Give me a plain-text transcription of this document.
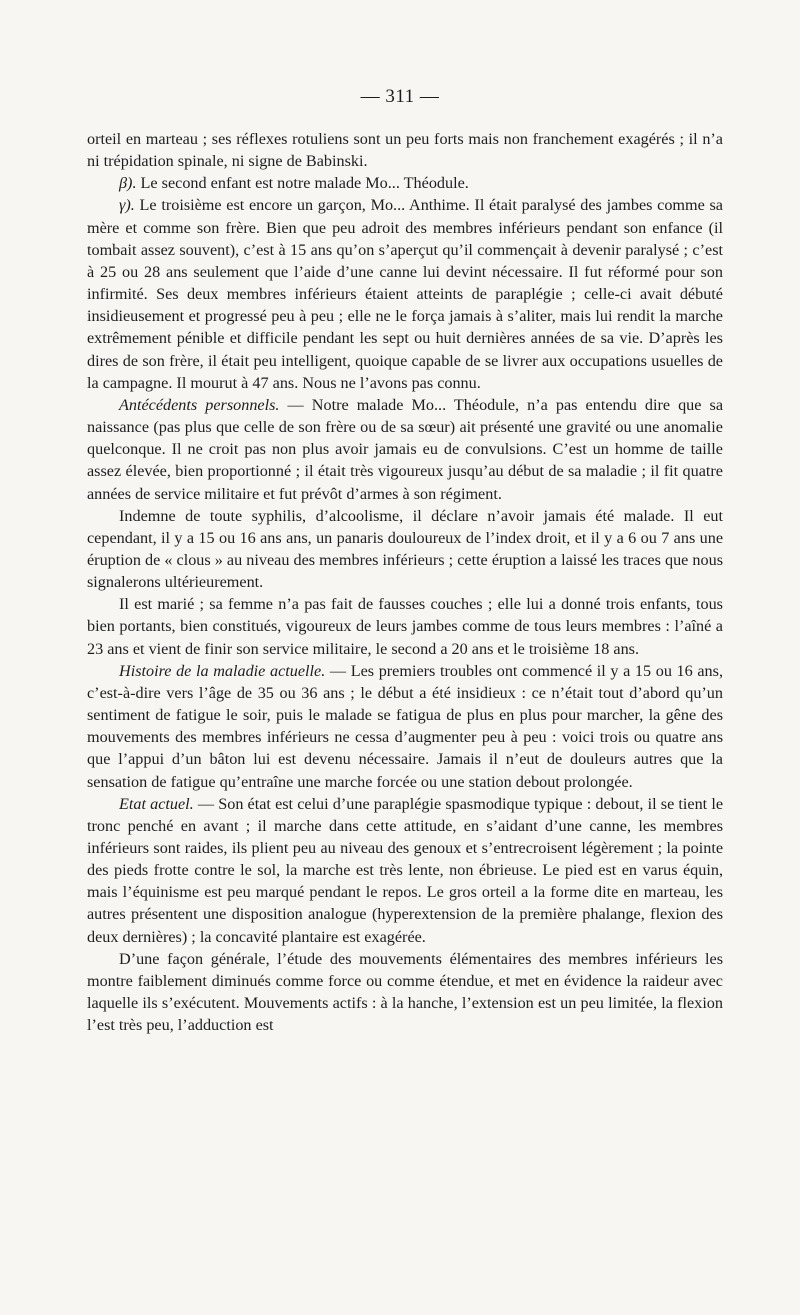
— 311 —

orteil en marteau ; ses réflexes rotuliens sont un peu forts mais non franchement exagérés ; il n’a ni trépidation spinale, ni signe de Babinski.

β). Le second enfant est notre malade Mo... Théodule.

γ). Le troisième est encore un garçon, Mo... Anthime. Il était paralysé des jambes comme sa mère et comme son frère. Bien que peu adroit des membres inférieurs pendant son enfance (il tombait assez souvent), c’est à 15 ans qu’on s’aperçut qu’il commençait à devenir paralysé ; c’est à 25 ou 28 ans seulement que l’aide d’une canne lui devint nécessaire. Il fut réformé pour son infirmité. Ses deux membres inférieurs étaient atteints de paraplégie ; celle-ci avait débuté insidieusement et progressé peu à peu ; elle ne le força jamais à s’aliter, mais lui rendit la marche extrêmement pénible et difficile pendant les sept ou huit dernières années de sa vie. D’après les dires de son frère, il était peu intelligent, quoique capable de se livrer aux occupations usuelles de la campagne. Il mourut à 47 ans. Nous ne l’avons pas connu.

Antécédents personnels. — Notre malade Mo... Théodule, n’a pas entendu dire que sa naissance (pas plus que celle de son frère ou de sa sœur) ait présenté une gravité ou une anomalie quelconque. Il ne croit pas non plus avoir jamais eu de convulsions. C’est un homme de taille assez élevée, bien proportionné ; il était très vigoureux jusqu’au début de sa maladie ; il fit quatre années de service militaire et fut prévôt d’armes à son régiment.

Indemne de toute syphilis, d’alcoolisme, il déclare n’avoir jamais été malade. Il eut cependant, il y a 15 ou 16 ans ans, un panaris douloureux de l’index droit, et il y a 6 ou 7 ans une éruption de « clous » au niveau des membres inférieurs ; cette éruption a laissé les traces que nous signalerons ultérieurement.

Il est marié ; sa femme n’a pas fait de fausses couches ; elle lui a donné trois enfants, tous bien portants, bien constitués, vigoureux de leurs jambes comme de tous leurs membres : l’aîné a 23 ans et vient de finir son service militaire, le second a 20 ans et le troisième 18 ans.

Histoire de la maladie actuelle. — Les premiers troubles ont commencé il y a 15 ou 16 ans, c’est-à-dire vers l’âge de 35 ou 36 ans ; le début a été insidieux : ce n’était tout d’abord qu’un sentiment de fatigue le soir, puis le malade se fatigua de plus en plus pour marcher, la gêne des mouvements des membres inférieurs ne cessa d’augmenter peu à peu : voici trois ou quatre ans que l’appui d’un bâton lui est devenu nécessaire. Jamais il n’eut de douleurs autres que la sensation de fatigue qu’entraîne une marche forcée ou une station debout prolongée.

Etat actuel. — Son état est celui d’une paraplégie spasmodique typique : debout, il se tient le tronc penché en avant ; il marche dans cette attitude, en s’aidant d’une canne, les membres inférieurs sont raides, ils plient peu au niveau des genoux et s’entrecroisent légèrement ; la pointe des pieds frotte contre le sol, la marche est très lente, non ébrieuse. Le pied est en varus équin, mais l’équinisme est peu marqué pendant le repos. Le gros orteil a la forme dite en marteau, les autres présentent une disposition analogue (hyperextension de la première phalange, flexion des deux dernières) ; la concavité plantaire est exagérée.

D’une façon générale, l’étude des mouvements élémentaires des membres inférieurs les montre faiblement diminués comme force ou comme étendue, et met en évidence la raideur avec laquelle ils s’exécutent. Mouvements actifs : à la hanche, l’extension est un peu limitée, la flexion l’est très peu, l’adduction est
